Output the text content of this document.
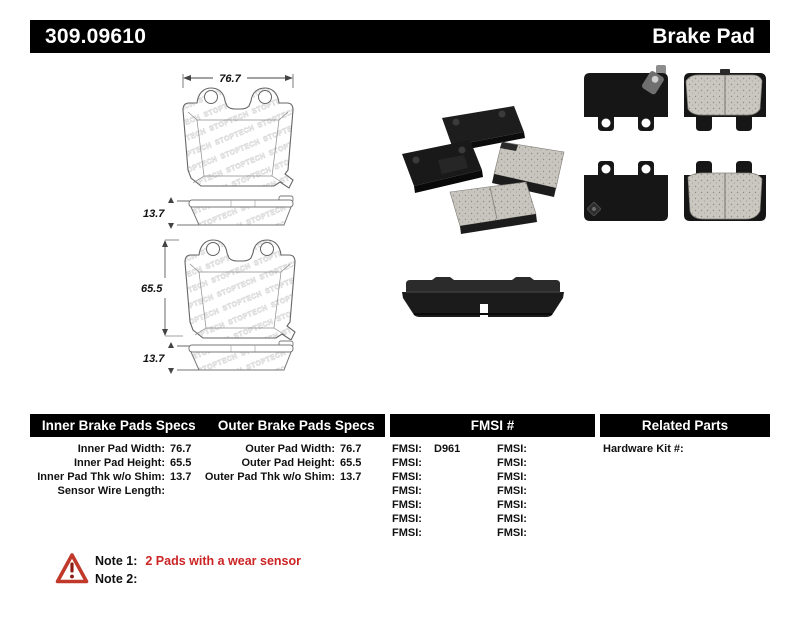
309.09610	Brake Pad
76.7
13.7
65.5
13.7
Inner Brake Pads Specs	Outer Brake Pads Specs	FMSI #	Related Parts
Inner Pad Width: 76.7
Inner Pad Height: 65.5
Inner Pad Thk w/o Shim: 13.7
Sensor Wire Length:
Outer Pad Width: 76.7
Outer Pad Height: 65.5
Outer Pad Thk w/o Shim: 13.7
FMSI:	D961
FMSI:
FMSI:
FMSI:
FMSI:
FMSI:
FMSI:
FMSI:
FMSI:
FMSI:
FMSI:
FMSI:
FMSI:
FMSI:
Hardware Kit #:
Note 1: 2 Pads with a wear sensor
Note 2:
